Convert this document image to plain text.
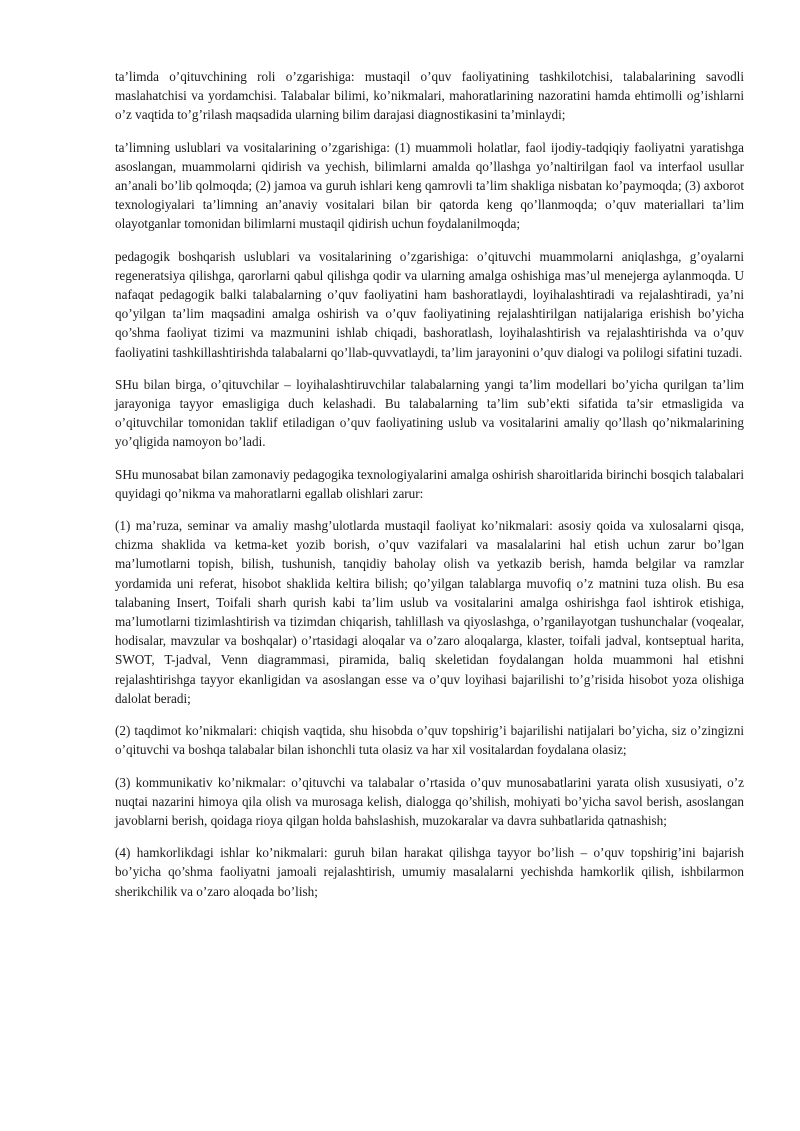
ta’limda o’qituvchining roli o’zgarishiga: mustaqil o’quv faoliyatining tashkilotchisi, talabalarining savodli maslahatchisi va yordamchisi. Talabalar bilimi, ko’nikmalari, mahoratlarining nazoratini hamda ehtimolli og’ishlarni o’z vaqtida to’g’rilash maqsadida ularning bilim darajasi diagnostikasini ta’minlaydi;

ta’limning uslublari va vositalarining o’zgarishiga: (1) muammoli holatlar, faol ijodiy-tadqiqiy faoliyatni yaratishga asoslangan, muammolarni qidirish va yechish, bilimlarni amalda qo’llashga yo’naltirilgan faol va interfaol usullar an’anali bo’lib qolmoqda; (2) jamoa va guruh ishlari keng qamrovli ta’lim shakliga nisbatan ko’paymoqda; (3) axborot texnologiyalari ta’limning an’anaviy vositalari bilan bir qatorda keng qo’llanmoqda; o’quv materiallari ta’lim olayotganlar tomonidan bilimlarni mustaqil qidirish uchun foydalanilmoqda;

pedagogik boshqarish uslublari va vositalarining o’zgarishiga: o’qituvchi muammolarni aniqlashga, g’oyalarni regeneratsiya qilishga, qarorlarni qabul qilishga qodir va ularning amalga oshishiga mas’ul menejerga aylanmoqda. U nafaqat pedagogik balki talabalarning o’quv faoliyatini ham bashoratlaydi, loyihalashtiradi va rejalashtiradi, ya’ni qo’yilgan ta’lim maqsadini amalga oshirish va o’quv faoliyatining rejalashtirilgan natijalariga erishish bo’yicha qo’shma faoliyat tizimi va mazmunini ishlab chiqadi, bashoratlash, loyihalashtirish va rejalashtirishda va o’quv faoliyatini tashkillashtirishda talabalarni qo’llab-quvvatlaydi, ta’lim jarayonini o’quv dialogi va polilogi sifatini tuzadi.

SHu bilan birga, o’qituvchilar – loyihalashtiruvchilar talabalarning yangi ta’lim modellari bo’yicha qurilgan ta’lim jarayoniga tayyor emasligiga duch kelashadi. Bu talabalarning ta’lim sub’ekti sifatida ta’sir etmasligida va o’qituvchilar tomonidan taklif etiladigan o’quv faoliyatining uslub va vositalarini amaliy qo’llash qo’nikmalarining yo’qligida namoyon bo’ladi.

SHu munosabat bilan zamonaviy pedagogika texnologiyalarini amalga oshirish sharoitlarida birinchi bosqich talabalari quyidagi qo’nikma va mahoratlarni egallab olishlari zarur:

(1) ma’ruza, seminar va amaliy mashg’ulotlarda mustaqil faoliyat ko’nikmalari: asosiy qoida va xulosalarni qisqa, chizma shaklida va ketma-ket yozib borish, o’quv vazifalari va masalalarini hal etish uchun zarur bo’lgan ma’lumotlarni topish, bilish, tushunish, tanqidiy baholay olish va yetkazib berish, hamda belgilar va ramzlar yordamida uni referat, hisobot shaklida keltira bilish; qo’yilgan talablarga muvofiq o’z matnini tuza olish. Bu esa talabaning Insert, Toifali sharh qurish kabi ta’lim uslub va vositalarini amalga oshirishga faol ishtirok etishiga, ma’lumotlarni tizimlashtirish va tizimdan chiqarish, tahlillash va qiyoslashga, o’rganilayotgan tushunchalar (voqealar, hodisalar, mavzular va boshqalar) o’rtasidagi aloqalar va o’zaro aloqalarga, klaster, toifali jadval, kontseptual harita, SWOT, T-jadval, Venn diagrammasi, piramida, baliq skeletidan foydalangan holda muammoni hal etishni rejalashtirishga tayyor ekanligidan va asoslangan esse va o’quv loyihasi bajarilishi to’g’risida hisobot yoza olishiga dalolat beradi;

(2) taqdimot ko’nikmalari: chiqish vaqtida, shu hisobda o’quv topshirig’i bajarilishi natijalari bo’yicha, siz o’zingizni o’qituvchi va boshqa talabalar bilan ishonchli tuta olasiz va har xil vositalardan foydalana olasiz;

(3) kommunikativ ko’nikmalar: o’qituvchi va talabalar o’rtasida o’quv munosabatlarini yarata olish xususiyati, o’z nuqtai nazarini himoya qila olish va murosaga kelish, dialogga qo’shilish, mohiyati bo’yicha savol berish, asoslangan javoblarni berish, qoidaga rioya qilgan holda bahslashish, muzokaralar va davra suhbatlarida qatnashish;

(4) hamkorlikdagi ishlar ko’nikmalari: guruh bilan harakat qilishga tayyor bo’lish – o’quv topshirig’ini bajarish bo’yicha qo’shma faoliyatni jamoali rejalashtirish, umumiy masalalarni yechishda hamkorlik qilish, ishbilarmon sherikchilik va o’zaro aloqada bo’lish;
